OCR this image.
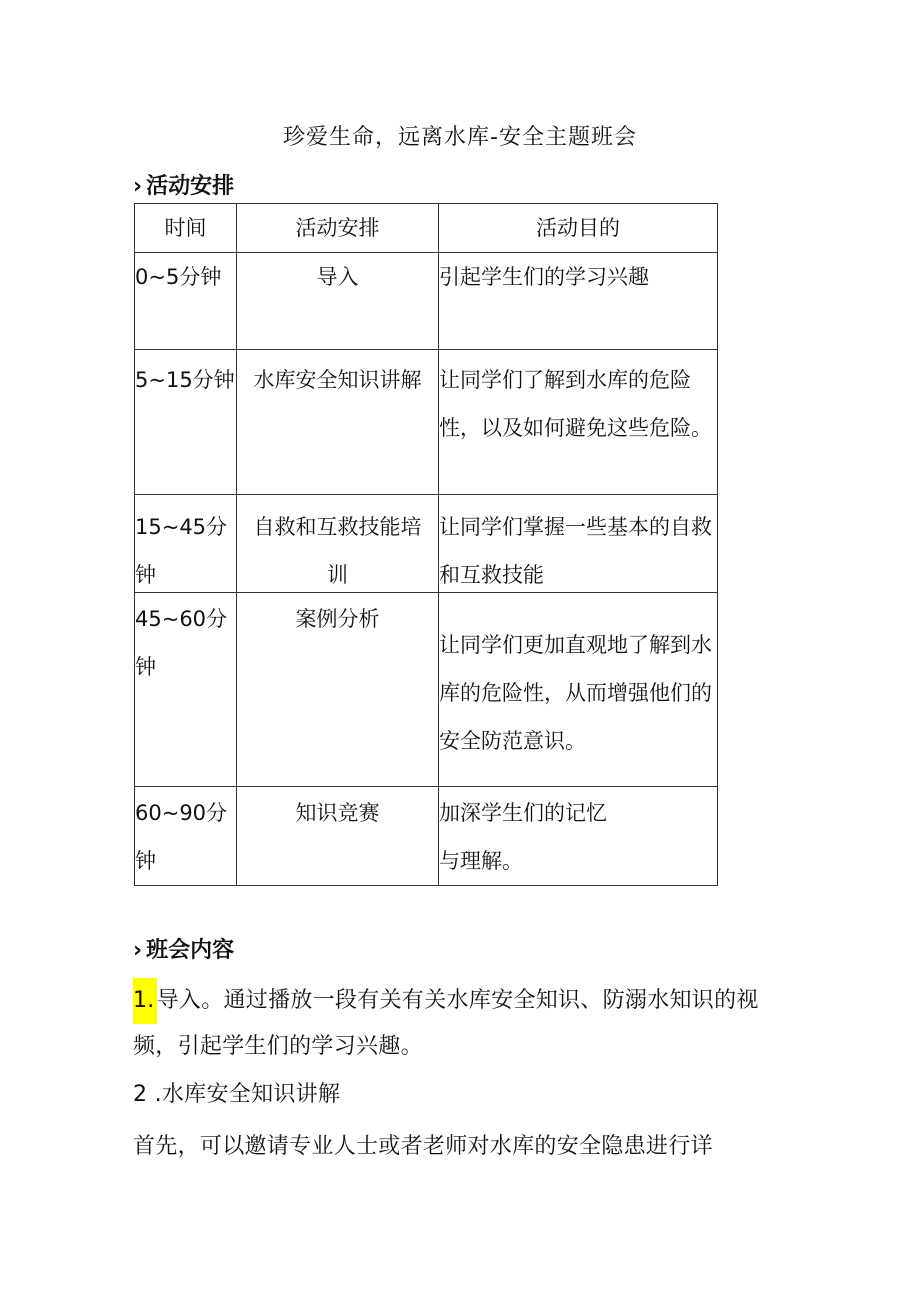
珍爱生命，远离水库-安全主题班会
› 活动安排
时间	活动安排	活动目的
0~5分钟	导入	引起学生们的学习兴趣
5~15分钟	水库安全知识讲解	让同学们了解到水库的危险性，以及如何避免这些危险。

15~45分钟	自救和互救技能培训	让同学们掌握一些基本的自救和互救技能

45~60分钟	案例分析	让同学们更加直观地了解到水库的危险性，从而增强他们的安全防范意识。
60~90分钟	知识竞赛	加深学生们的记忆与理解。
› 班会内容
1.导入。通过播放一段有关有关水库安全知识、防溺水知识的视频，引起学生们的学习兴趣。
2 .水库安全知识讲解
首先，可以邀请专业人士或者老师对水库的安全隐患进行详
